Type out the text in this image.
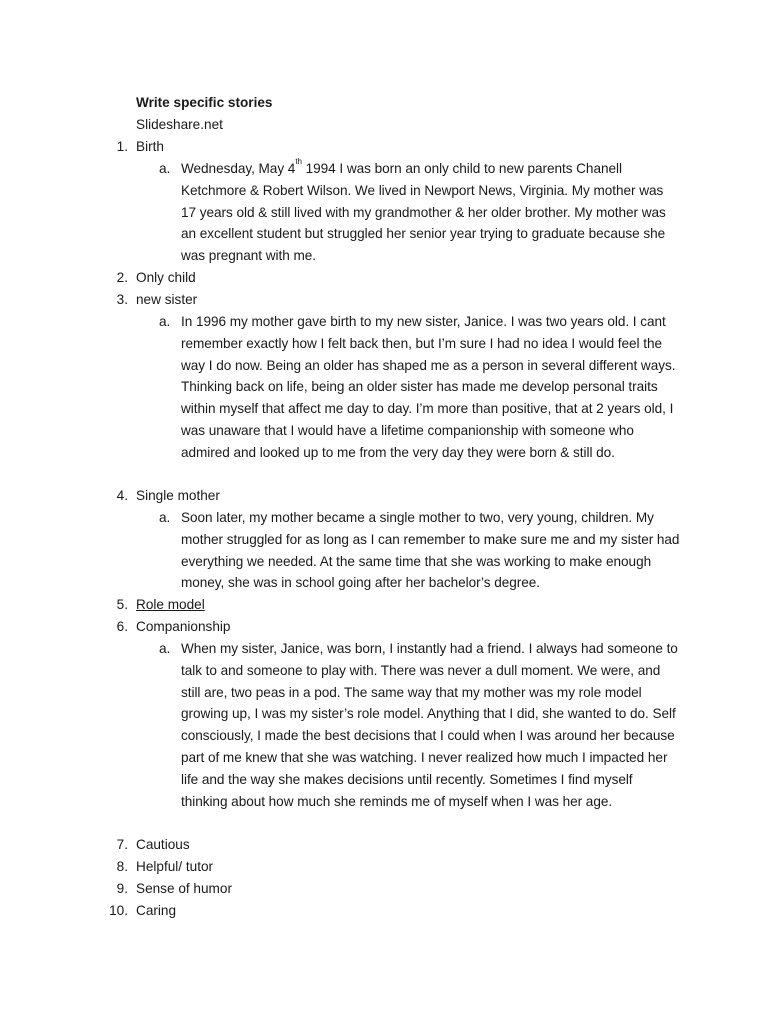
Write specific stories
Slideshare.net
1. Birth
a. Wednesday, May 4th 1994 I was born an only child to new parents Chanell Ketchmore & Robert Wilson. We lived in Newport News, Virginia. My mother was 17 years old & still lived with my grandmother & her older brother. My mother was an excellent student but struggled her senior year trying to graduate because she was pregnant with me.
2. Only child
3. new sister
a. In 1996 my mother gave birth to my new sister, Janice. I was two years old. I cant remember exactly how I felt back then, but I’m sure I had no idea I would feel the way I do now. Being an older has shaped me as a person in several different ways. Thinking back on life, being an older sister has made me develop personal traits within myself that affect me day to day. I’m more than positive, that at 2 years old, I was unaware that I would have a lifetime companionship with someone who admired and looked up to me from the very day they were born & still do.
4. Single mother
a. Soon later, my mother became a single mother to two, very young, children. My mother struggled for as long as I can remember to make sure me and my sister had everything we needed. At the same time that she was working to make enough money, she was in school going after her bachelor’s degree.
5. Role model
6. Companionship
a. When my sister, Janice, was born, I instantly had a friend. I always had someone to talk to and someone to play with. There was never a dull moment. We were, and still are, two peas in a pod. The same way that my mother was my role model growing up, I was my sister’s role model. Anything that I did, she wanted to do. Self consciously, I made the best decisions that I could when I was around her because part of me knew that she was watching. I never realized how much I impacted her life and the way she makes decisions until recently. Sometimes I find myself thinking about how much she reminds me of myself when I was her age.
7. Cautious
8. Helpful/ tutor
9. Sense of humor
10. Caring
